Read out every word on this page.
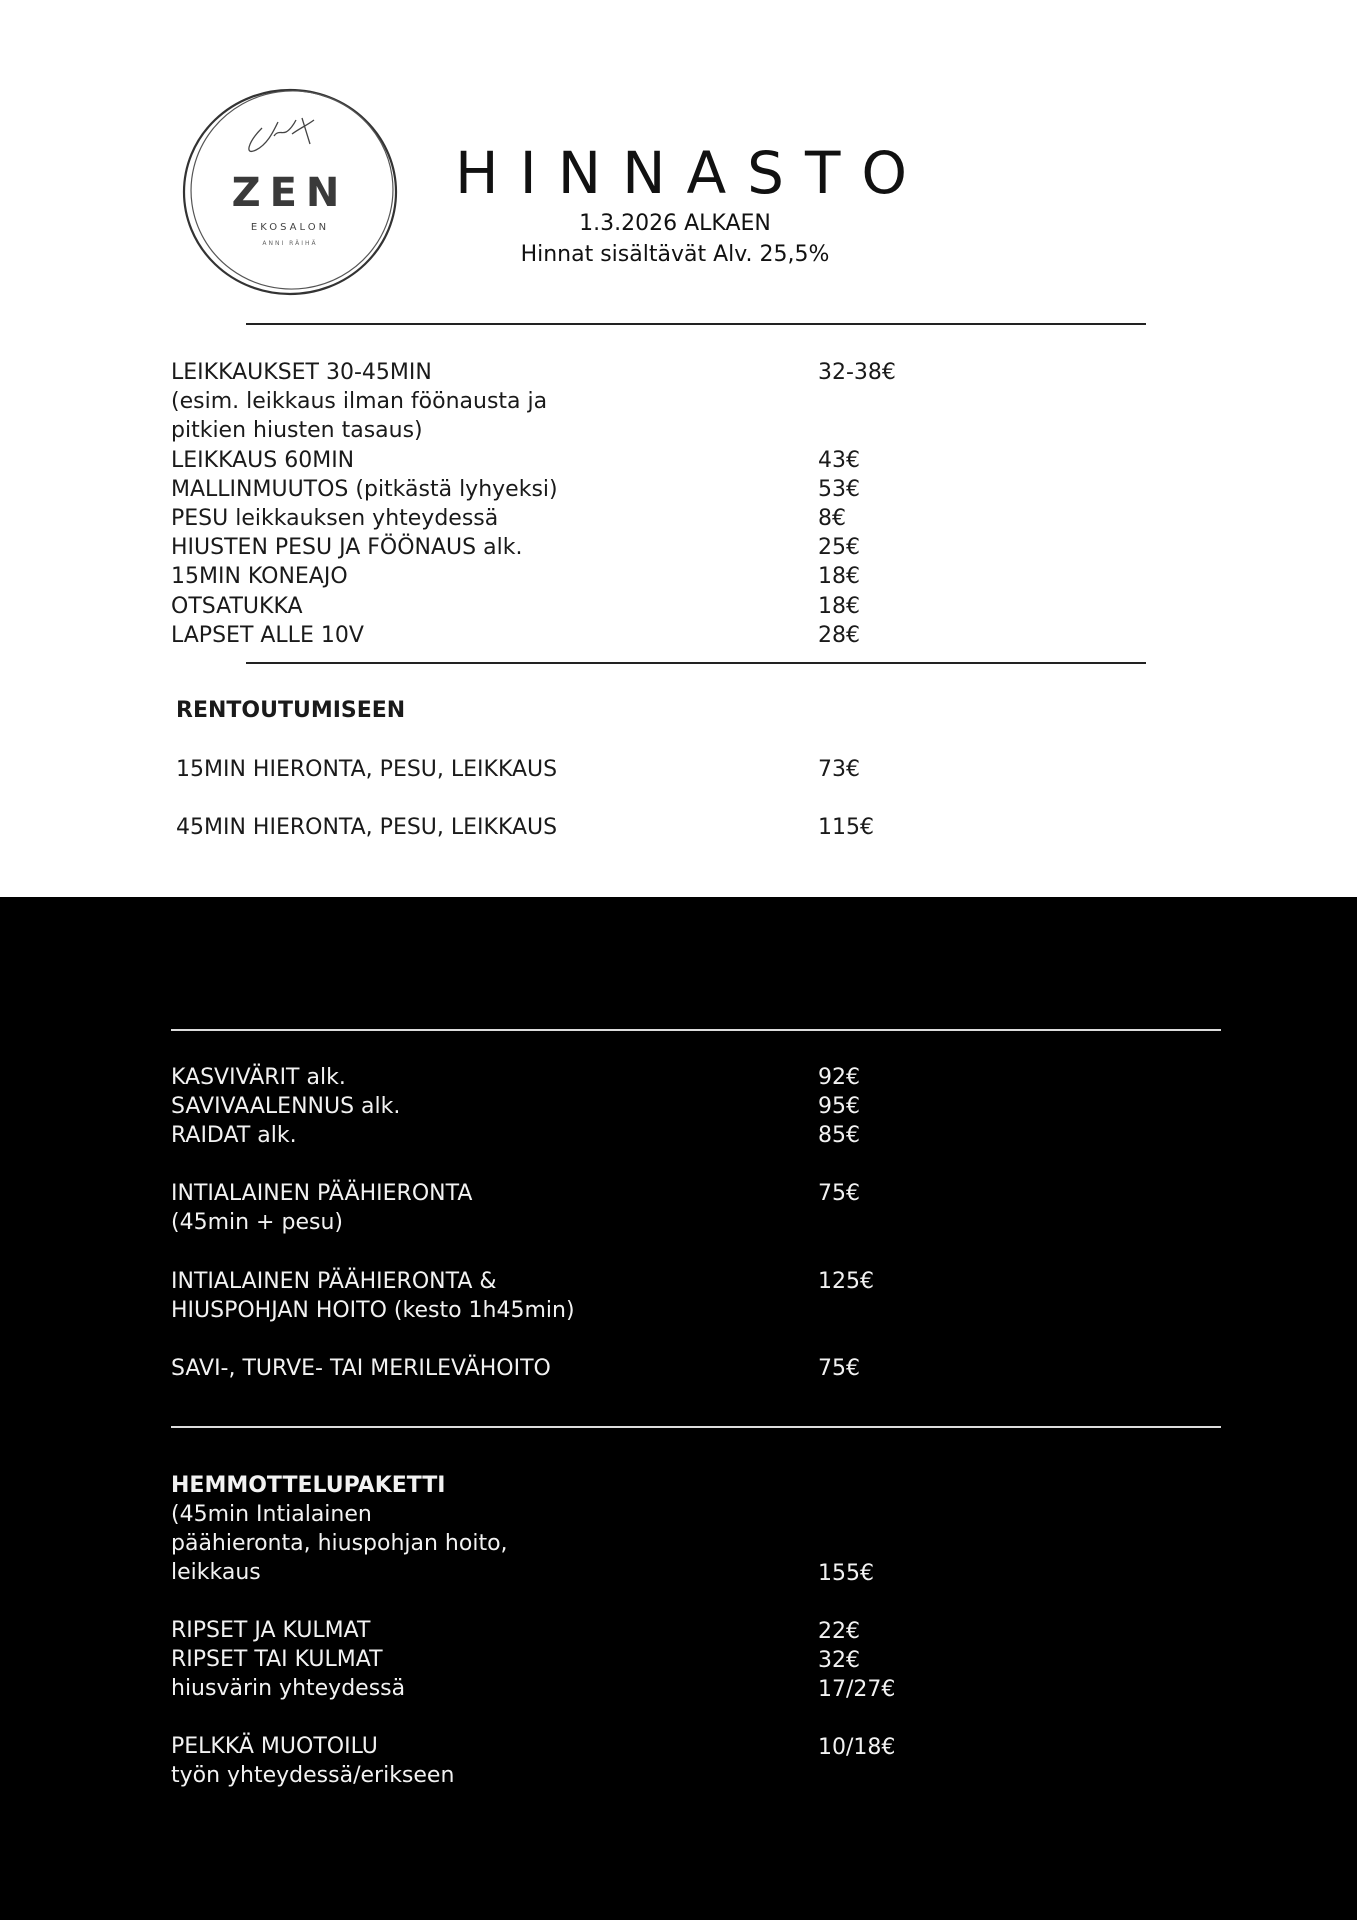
ZEN
EKOSALON
ANNI RÄIHÄ
HINNASTO
1.3.2026 ALKAEN
Hinnat sisältävät Alv. 25,5%
LEIKKAUKSET 30-45MIN	32-38€
(esim. leikkaus ilman föönausta ja
pitkien hiusten tasaus)
LEIKKAUS 60MIN	43€
MALLINMUUTOS (pitkästä lyhyeksi)	53€
PESU leikkauksen yhteydessä	8€
HIUSTEN PESU JA FÖÖNAUS alk.	25€
15MIN KONEAJO	18€
OTSATUKKA	18€
LAPSET ALLE 10V	28€
RENTOUTUMISEEN
15MIN HIERONTA, PESU, LEIKKAUS	73€
45MIN HIERONTA, PESU, LEIKKAUS	115€
KASVIVÄRIT alk.	92€
SAVIVAALENNUS alk.	95€
RAIDAT alk.	85€
INTIALAINEN PÄÄHIERONTA	75€
(45min + pesu)
INTIALAINEN PÄÄHIERONTA &	125€
HIUSPOHJAN HOITO (kesto 1h45min)
SAVI-, TURVE- TAI MERILEVÄHOITO	75€
HEMMOTTELUPAKETTI
(45min Intialainen
päähieronta, hiuspohjan hoito,
leikkaus	155€
RIPSET JA KULMAT	22€
RIPSET TAI KULMAT	32€
hiusvärin yhteydessä	17/27€
PELKKÄ MUOTOILU	10/18€
työn yhteydessä/erikseen
